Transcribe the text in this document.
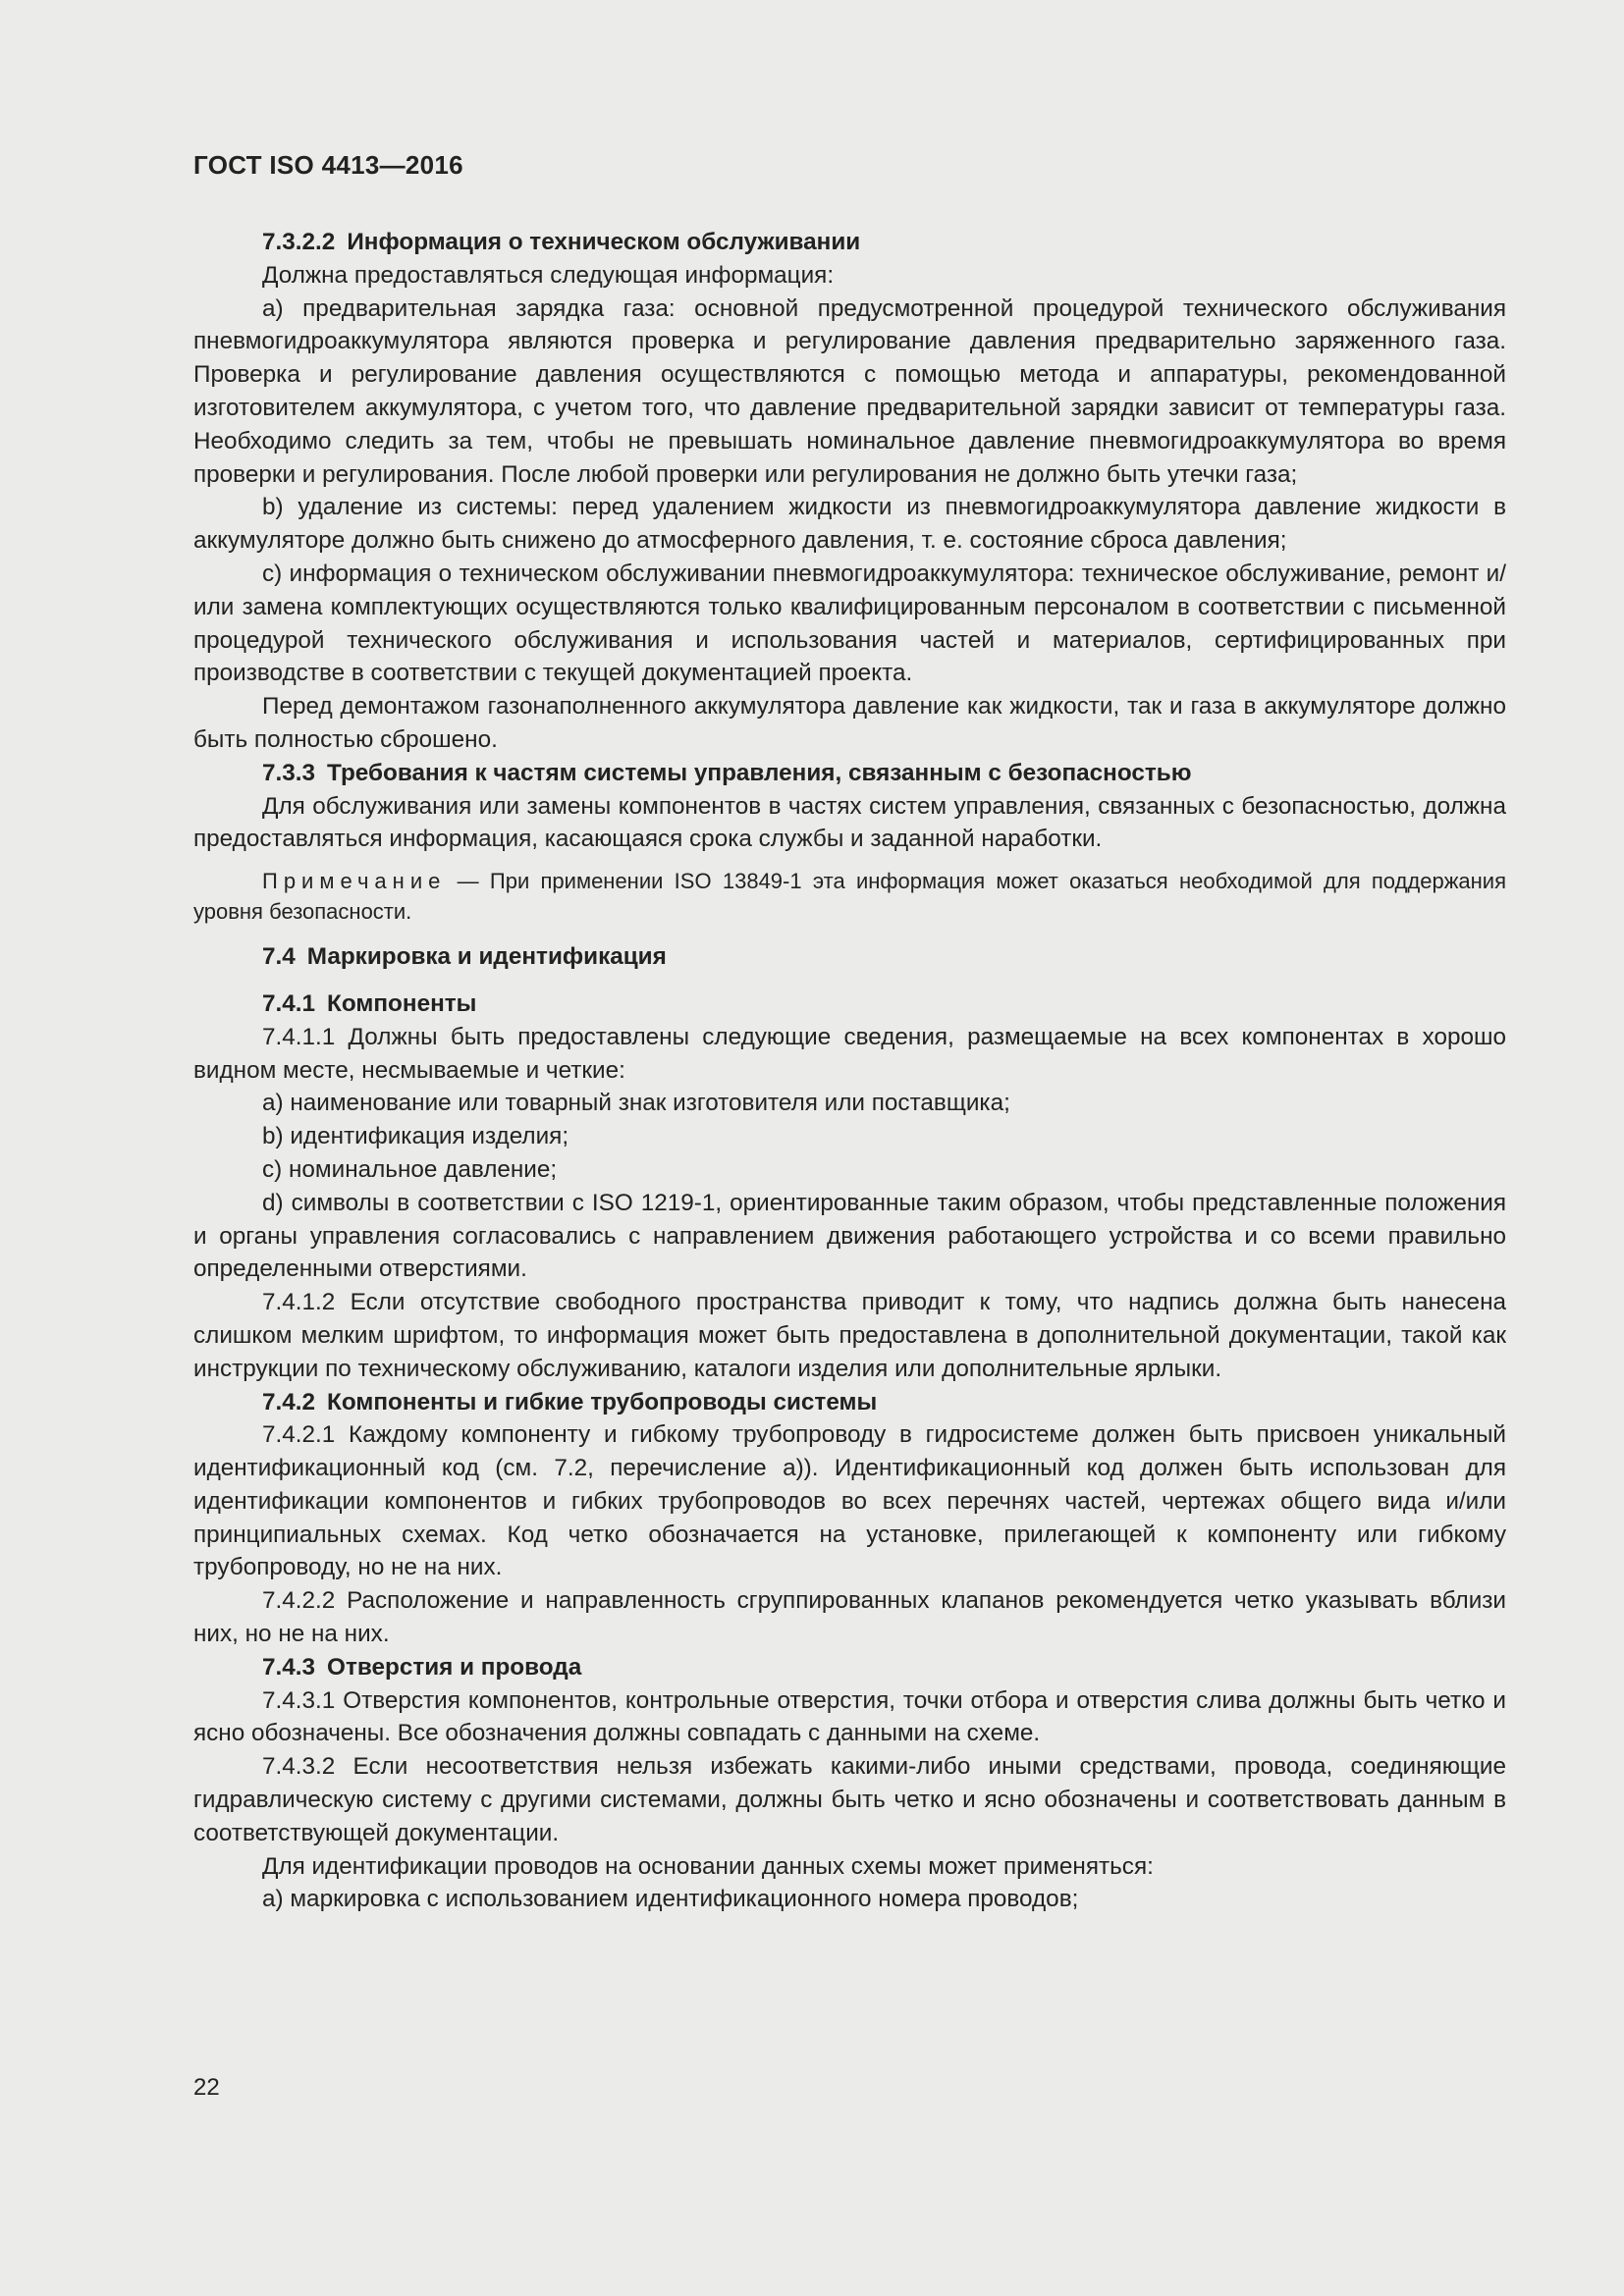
ГОСТ ISO 4413—2016

7.3.2.2 Информация о техническом обслуживании

Должна предоставляться следующая информация:

а) предварительная зарядка газа: основной предусмотренной процедурой технического обслуживания пневмогидроаккумулятора являются проверка и регулирование давления предварительно заряженного газа. Проверка и регулирование давления осуществляются с помощью метода и аппаратуры, рекомендованной изготовителем аккумулятора, с учетом того, что давление предварительной зарядки зависит от температуры газа. Необходимо следить за тем, чтобы не превышать номинальное давление пневмогидроаккумулятора во время проверки и регулирования. После любой проверки или регулирования не должно быть утечки газа;

b) удаление из системы: перед удалением жидкости из пневмогидроаккумулятора давление жидкости в аккумуляторе должно быть снижено до атмосферного давления, т. е. состояние сброса давления;

с) информация о техническом обслуживании пневмогидроаккумулятора: техническое обслуживание, ремонт и/или замена комплектующих осуществляются только квалифицированным персоналом в соответствии с письменной процедурой технического обслуживания и использования частей и материалов, сертифицированных при производстве в соответствии с текущей документацией проекта.

Перед демонтажом газонаполненного аккумулятора давление как жидкости, так и газа в аккумуляторе должно быть полностью сброшено.

7.3.3 Требования к частям системы управления, связанным с безопасностью

Для обслуживания или замены компонентов в частях систем управления, связанных с безопасностью, должна предоставляться информация, касающаяся срока службы и заданной наработки.

Примечание — При применении ISO 13849-1 эта информация может оказаться необходимой для поддержания уровня безопасности.

7.4 Маркировка и идентификация

7.4.1 Компоненты

7.4.1.1 Должны быть предоставлены следующие сведения, размещаемые на всех компонентах в хорошо видном месте, несмываемые и четкие:

а) наименование или товарный знак изготовителя или поставщика;

b) идентификация изделия;

с) номинальное давление;

d) символы в соответствии с ISO 1219-1, ориентированные таким образом, чтобы представленные положения и органы управления согласовались с направлением движения работающего устройства и со всеми правильно определенными отверстиями.

7.4.1.2 Если отсутствие свободного пространства приводит к тому, что надпись должна быть нанесена слишком мелким шрифтом, то информация может быть предоставлена в дополнительной документации, такой как инструкции по техническому обслуживанию, каталоги изделия или дополнительные ярлыки.

7.4.2 Компоненты и гибкие трубопроводы системы

7.4.2.1 Каждому компоненту и гибкому трубопроводу в гидросистеме должен быть присвоен уникальный идентификационный код (см. 7.2, перечисление а)). Идентификационный код должен быть использован для идентификации компонентов и гибких трубопроводов во всех перечнях частей, чертежах общего вида и/или принципиальных схемах. Код четко обозначается на установке, прилегающей к компоненту или гибкому трубопроводу, но не на них.

7.4.2.2 Расположение и направленность сгруппированных клапанов рекомендуется четко указывать вблизи них, но не на них.

7.4.3 Отверстия и провода

7.4.3.1 Отверстия компонентов, контрольные отверстия, точки отбора и отверстия слива должны быть четко и ясно обозначены. Все обозначения должны совпадать с данными на схеме.

7.4.3.2 Если несоответствия нельзя избежать какими-либо иными средствами, провода, соединяющие гидравлическую систему с другими системами, должны быть четко и ясно обозначены и соответствовать данным в соответствующей документации.

Для идентификации проводов на основании данных схемы может применяться:

а) маркировка с использованием идентификационного номера проводов;

22
